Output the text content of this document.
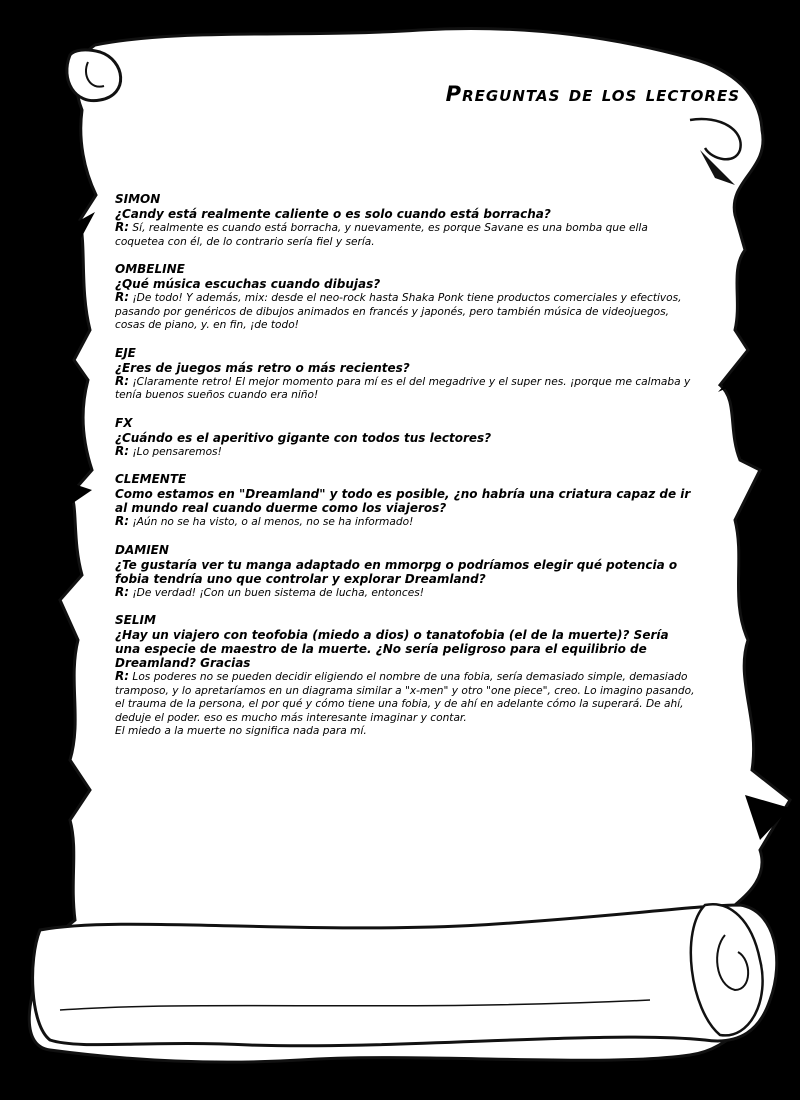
Preguntas de los lectores

SIMON

¿Candy está realmente caliente o es solo cuando está borracha?

R: Sí, realmente es cuando está borracha, y nuevamente, es porque Savane es una bomba que ella coquetea con él, de lo contrario sería fiel y sería.

OMBELINE

¿Qué música escuchas cuando dibujas?

R: ¡De todo! Y además, mix: desde el neo-rock hasta Shaka Ponk tiene productos comerciales y efectivos, pasando por genéricos de dibujos animados en francés y japonés, pero también música de videojuegos, cosas de piano, y. en fin, ¡de todo!

EJE

¿Eres de juegos más retro o más recientes?

R: ¡Claramente retro! El mejor momento para mí es el del megadrive y el super nes. ¡porque me calmaba y tenía buenos sueños cuando era niño!

FX

¿Cuándo es el aperitivo gigante con todos tus lectores?

R: ¡Lo pensaremos!

CLEMENTE

Como estamos en "Dreamland" y todo es posible, ¿no habría una criatura capaz de ir al mundo real cuando duerme como los viajeros?

R: ¡Aún no se ha visto, o al menos, no se ha informado!

DAMIEN

¿Te gustaría ver tu manga adaptado en mmorpg o podríamos elegir qué potencia o fobia tendría uno que controlar y explorar Dreamland?

R: ¡De verdad! ¡Con un buen sistema de lucha, entonces!

SELIM

¿Hay un viajero con teofobia (miedo a dios) o tanatofobia (el de la muerte)? Sería una especie de maestro de la muerte. ¿No sería peligroso para el equilibrio de Dreamland? Gracias

R: Los poderes no se pueden decidir eligiendo el nombre de una fobia, sería demasiado simple, demasiado tramposo, y lo apretaríamos en un diagrama similar a "x-men" y otro "one piece", creo. Lo imagino pasando, el trauma de la persona, el por qué y cómo tiene una fobia, y de ahí en adelante cómo la superará. De ahí, deduje el poder. eso es mucho más interesante imaginar y contar.

El miedo a la muerte no significa nada para mí.
